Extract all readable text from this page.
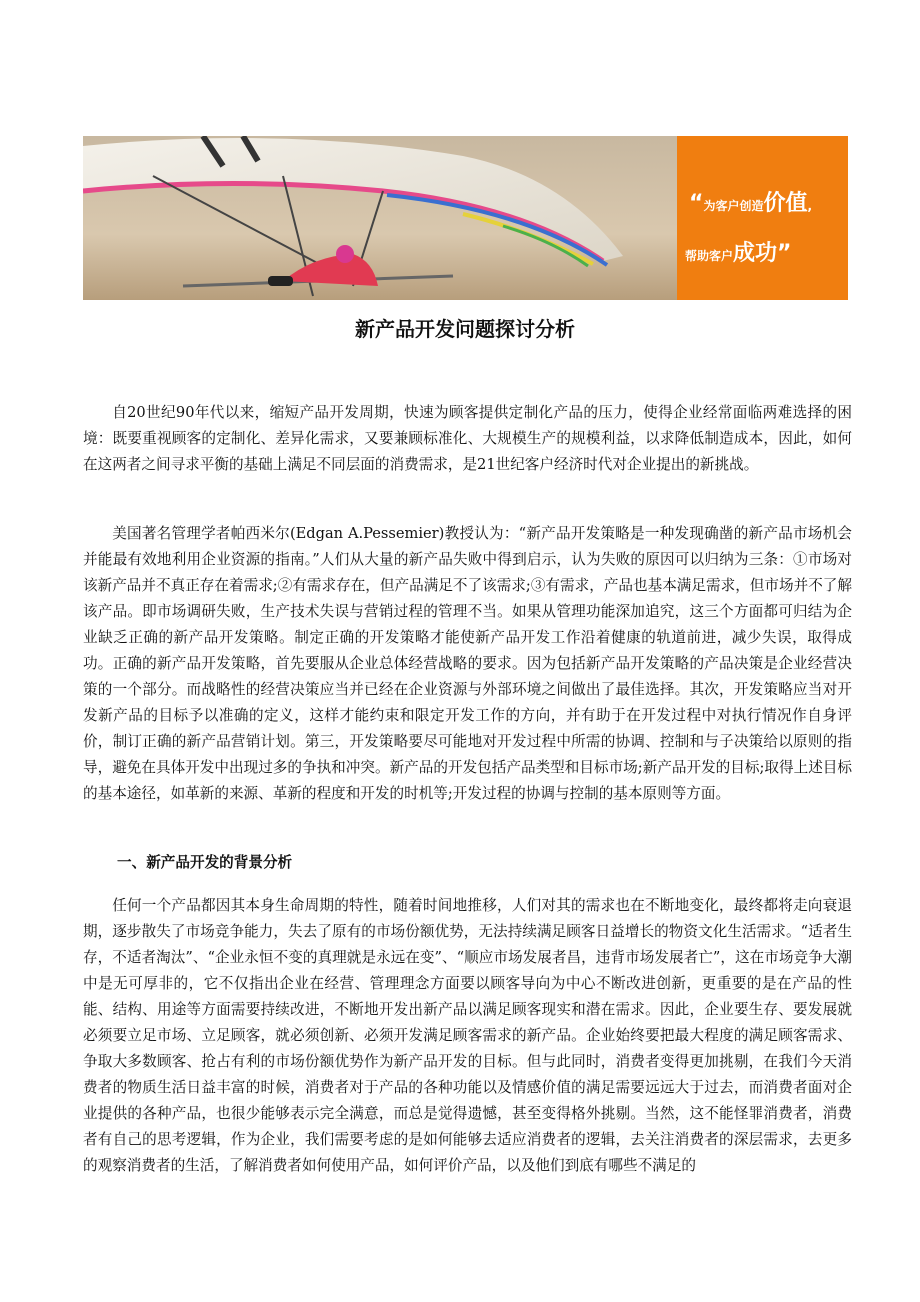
“为客户创造价值,
帮助客户成功”
新产品开发问题探讨分析

自20世纪90年代以来，缩短产品开发周期，快速为顾客提供定制化产品的压力，使得企业经常面临两难选择的困境：既要重视顾客的定制化、差异化需求，又要兼顾标准化、大规模生产的规模利益，以求降低制造成本，因此，如何在这两者之间寻求平衡的基础上满足不同层面的消费需求，是21世纪客户经济时代对企业提出的新挑战。

美国著名管理学者帕西米尔(Edgan A.Pessemier)教授认为：“新产品开发策略是一种发现确凿的新产品市场机会并能最有效地利用企业资源的指南。”人们从大量的新产品失败中得到启示，认为失败的原因可以归纳为三条：①市场对该新产品并不真正存在着需求;②有需求存在，但产品满足不了该需求;③有需求，产品也基本满足需求，但市场并不了解该产品。即市场调研失败，生产技术失误与营销过程的管理不当。如果从管理功能深加追究，这三个方面都可归结为企业缺乏正确的新产品开发策略。制定正确的开发策略才能使新产品开发工作沿着健康的轨道前进，减少失误，取得成功。正确的新产品开发策略，首先要服从企业总体经营战略的要求。因为包括新产品开发策略的产品决策是企业经营决策的一个部分。而战略性的经营决策应当并已经在企业资源与外部环境之间做出了最佳选择。其次，开发策略应当对开发新产品的目标予以准确的定义，这样才能约束和限定开发工作的方向，并有助于在开发过程中对执行情况作自身评价，制订正确的新产品营销计划。第三，开发策略要尽可能地对开发过程中所需的协调、控制和与子决策给以原则的指导，避免在具体开发中出现过多的争执和冲突。新产品的开发包括产品类型和目标市场;新产品开发的目标;取得上述目标的基本途径，如革新的来源、革新的程度和开发的时机等;开发过程的协调与控制的基本原则等方面。

一、新产品开发的背景分析

任何一个产品都因其本身生命周期的特性，随着时间地推移，人们对其的需求也在不断地变化，最终都将走向衰退期，逐步散失了市场竞争能力，失去了原有的市场份额优势，无法持续满足顾客日益增长的物资文化生活需求。“适者生存，不适者淘汰”、“企业永恒不变的真理就是永远在变”、“顺应市场发展者昌，违背市场发展者亡”，这在市场竞争大潮中是无可厚非的，它不仅指出企业在经营、管理理念方面要以顾客导向为中心不断改进创新，更重要的是在产品的性能、结构、用途等方面需要持续改进，不断地开发出新产品以满足顾客现实和潜在需求。因此，企业要生存、要发展就必须要立足市场、立足顾客，就必须创新、必须开发满足顾客需求的新产品。企业始终要把最大程度的满足顾客需求、争取大多数顾客、抢占有利的市场份额优势作为新产品开发的目标。但与此同时，消费者变得更加挑剔，在我们今天消费者的物质生活日益丰富的时候，消费者对于产品的各种功能以及情感价值的满足需要远远大于过去，而消费者面对企业提供的各种产品，也很少能够表示完全满意，而总是觉得遗憾，甚至变得格外挑剔。当然，这不能怪罪消费者，消费者有自己的思考逻辑，作为企业，我们需要考虑的是如何能够去适应消费者的逻辑，去关注消费者的深层需求，去更多的观察消费者的生活，了解消费者如何使用产品，如何评价产品，以及他们到底有哪些不满足的
